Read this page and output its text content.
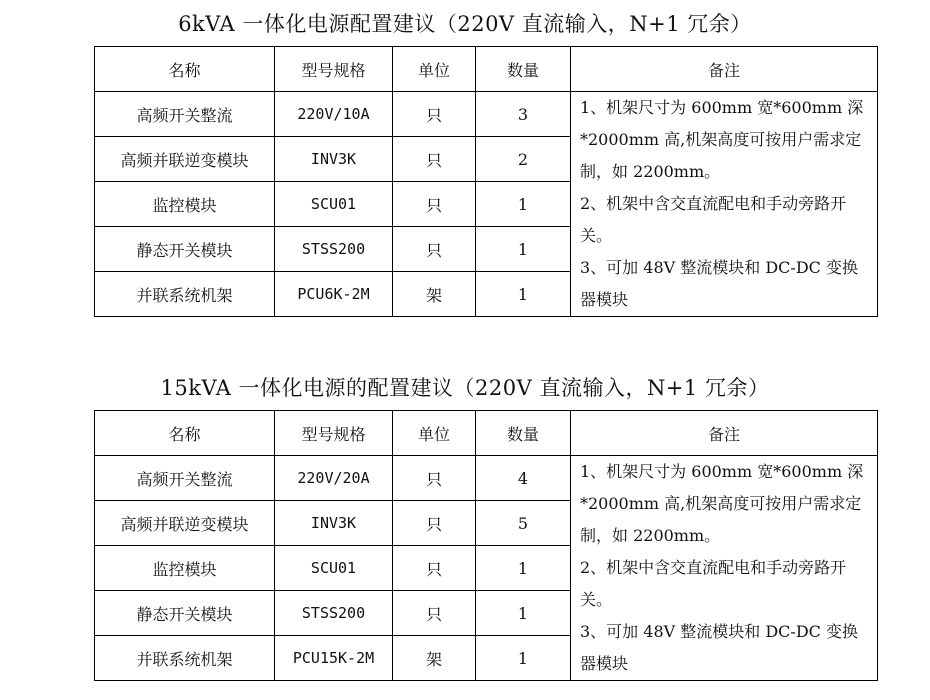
6kVA 一体化电源配置建议（220V 直流输入，N+1 冗余）
名称	型号规格	单位	数量	备注
高频开关整流	220V/10A	只	3	1、机架尺寸为 600mm 宽*600mm 深*2000mm 高,机架高度可按用户需求定制，如 2200mm。

2、机架中含交直流配电和手动旁路开关。

3、可加 48V 整流模块和 DC-DC 变换器模块

高频并联逆变模块	INV3K	只	2	
监控模块	SCU01	只	1	
静态开关模块	STSS200	只	1	
并联系统机架	PCU6K-2M	架	1	
15kVA 一体化电源的配置建议（220V 直流输入，N+1 冗余）
名称	型号规格	单位	数量	备注
高频开关整流	220V/20A	只	4	1、机架尺寸为 600mm 宽*600mm 深*2000mm 高,机架高度可按用户需求定制，如 2200mm。

2、机架中含交直流配电和手动旁路开关。

3、可加 48V 整流模块和 DC-DC 变换器模块

高频并联逆变模块	INV3K	只	5	
监控模块	SCU01	只	1	
静态开关模块	STSS200	只	1	
并联系统机架	PCU15K-2M	架	1	
